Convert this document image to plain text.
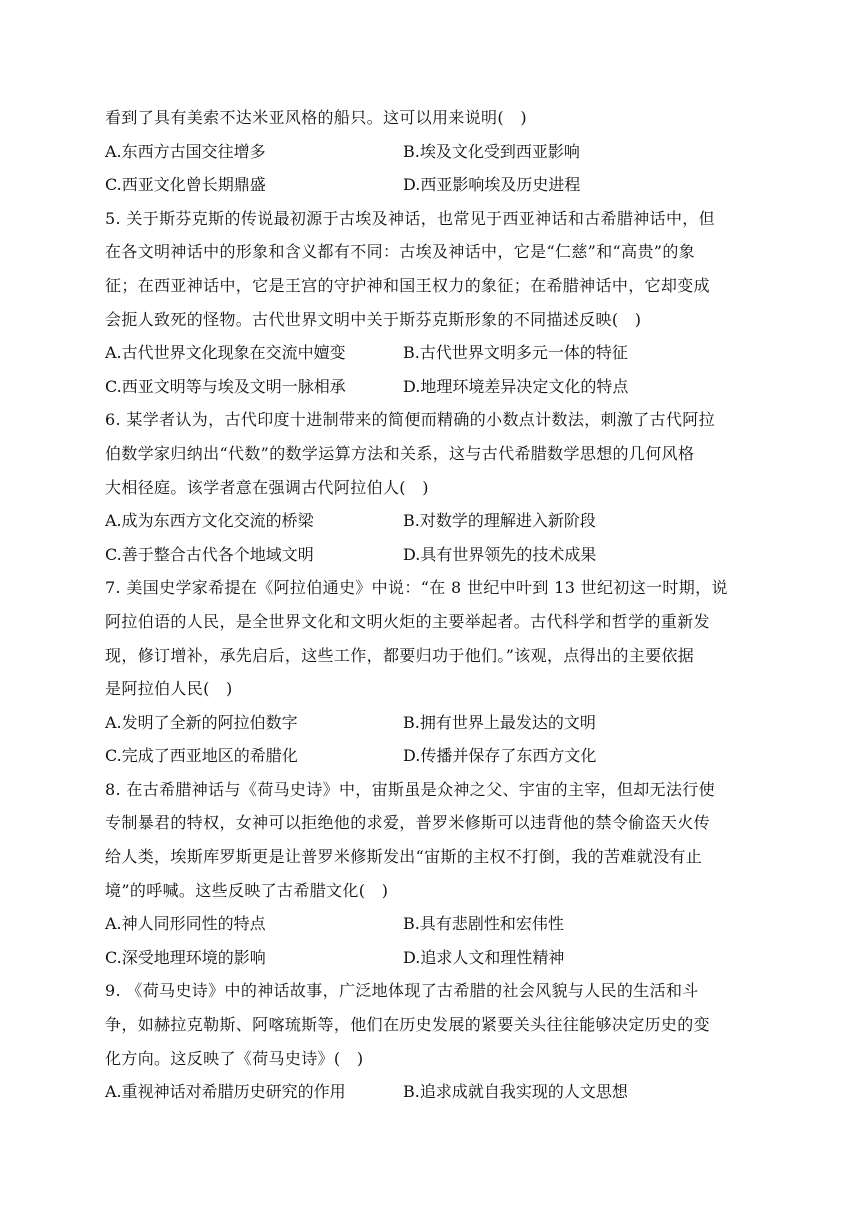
看到了具有美索不达米亚风格的船只。这可以用来说明(　)
A.东西方古国交往增多	B.埃及文化受到西亚影响
C.西亚文化曾长期鼎盛	D.西亚影响埃及历史进程
5. 关于斯芬克斯的传说最初源于古埃及神话，也常见于西亚神话和古希腊神话中，但
在各文明神话中的形象和含义都有不同：古埃及神话中，它是“仁慈”和“高贵”的象
征；在西亚神话中，它是王宫的守护神和国王权力的象征；在希腊神话中，它却变成
会扼人致死的怪物。古代世界文明中关于斯芬克斯形象的不同描述反映(　)
A.古代世界文化现象在交流中嬗变	B.古代世界文明多元一体的特征
C.西亚文明等与埃及文明一脉相承	D.地理环境差异决定文化的特点
6. 某学者认为，古代印度十进制带来的简便而精确的小数点计数法，刺激了古代阿拉
伯数学家归纳出“代数”的数学运算方法和关系，这与古代希腊数学思想的几何风格
大相径庭。该学者意在强调古代阿拉伯人(　)
A.成为东西方文化交流的桥梁	B.对数学的理解进入新阶段
C.善于整合古代各个地域文明	D.具有世界领先的技术成果
7. 美国史学家希提在《阿拉伯通史》中说：“在 8 世纪中叶到 13 世纪初这一时期，说
阿拉伯语的人民，是全世界文化和文明火炬的主要举起者。古代科学和哲学的重新发
现，修订增补，承先启后，这些工作，都要归功于他们。”该观，点得出的主要依据
是阿拉伯人民(　)
A.发明了全新的阿拉伯数字	B.拥有世界上最发达的文明
C.完成了西亚地区的希腊化	D.传播并保存了东西方文化
8. 在古希腊神话与《荷马史诗》中，宙斯虽是众神之父、宇宙的主宰，但却无法行使
专制暴君的特权，女神可以拒绝他的求爱，普罗米修斯可以违背他的禁令偷盗天火传
给人类，埃斯库罗斯更是让普罗米修斯发出“宙斯的主权不打倒，我的苦难就没有止
境”的呼喊。这些反映了古希腊文化(　)
A.神人同形同性的特点	B.具有悲剧性和宏伟性
C.深受地理环境的影响	D.追求人文和理性精神
9. 《荷马史诗》中的神话故事，广泛地体现了古希腊的社会风貌与人民的生活和斗
争，如赫拉克勒斯、阿喀琉斯等，他们在历史发展的紧要关头往往能够决定历史的变
化方向。这反映了《荷马史诗》(　)
A.重视神话对希腊历史研究的作用	B.追求成就自我实现的人文思想
